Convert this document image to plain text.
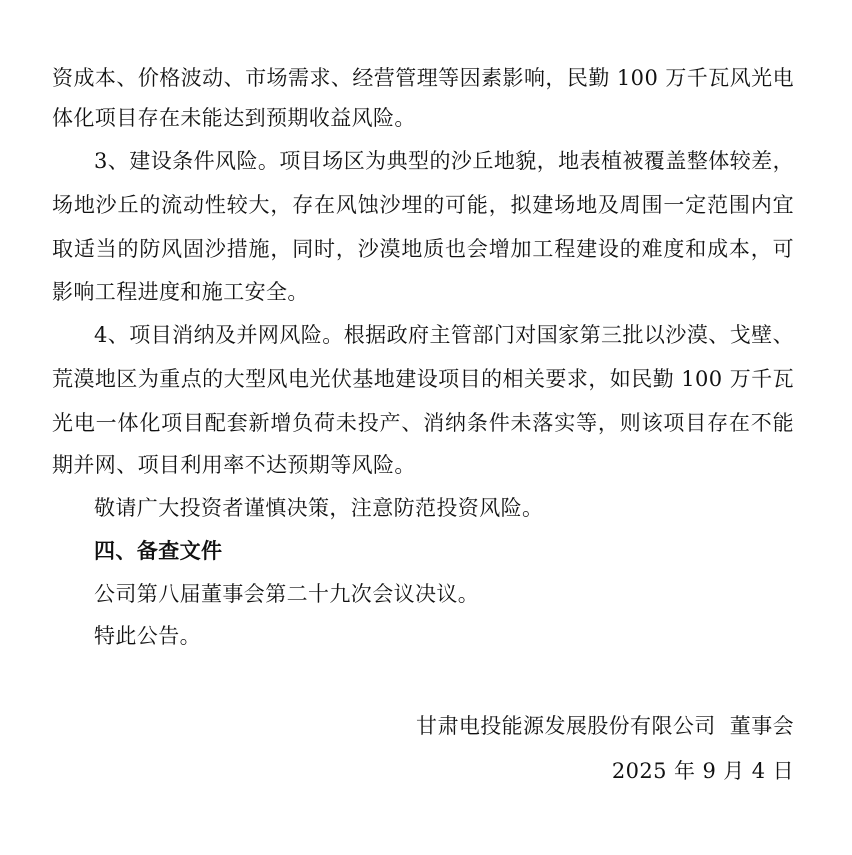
资成本、价格波动、市场需求、经营管理等因素影响，民勤 100 万千瓦风光电
体化项目存在未能达到预期收益风险。
3、建设条件风险。项目场区为典型的沙丘地貌，地表植被覆盖整体较差，
场地沙丘的流动性较大，存在风蚀沙埋的可能，拟建场地及周围一定范围内宜
取适当的防风固沙措施，同时，沙漠地质也会增加工程建设的难度和成本，可
影响工程进度和施工安全。
4、项目消纳及并网风险。根据政府主管部门对国家第三批以沙漠、戈壁、
荒漠地区为重点的大型风电光伏基地建设项目的相关要求，如民勤 100 万千瓦
光电一体化项目配套新增负荷未投产、消纳条件未落实等，则该项目存在不能
期并网、项目利用率不达预期等风险。
敬请广大投资者谨慎决策，注意防范投资风险。
四、备查文件
公司第八届董事会第二十九次会议决议。
特此公告。
甘肃电投能源发展股份有限公司  董事会
2025 年 9 月 4 日
